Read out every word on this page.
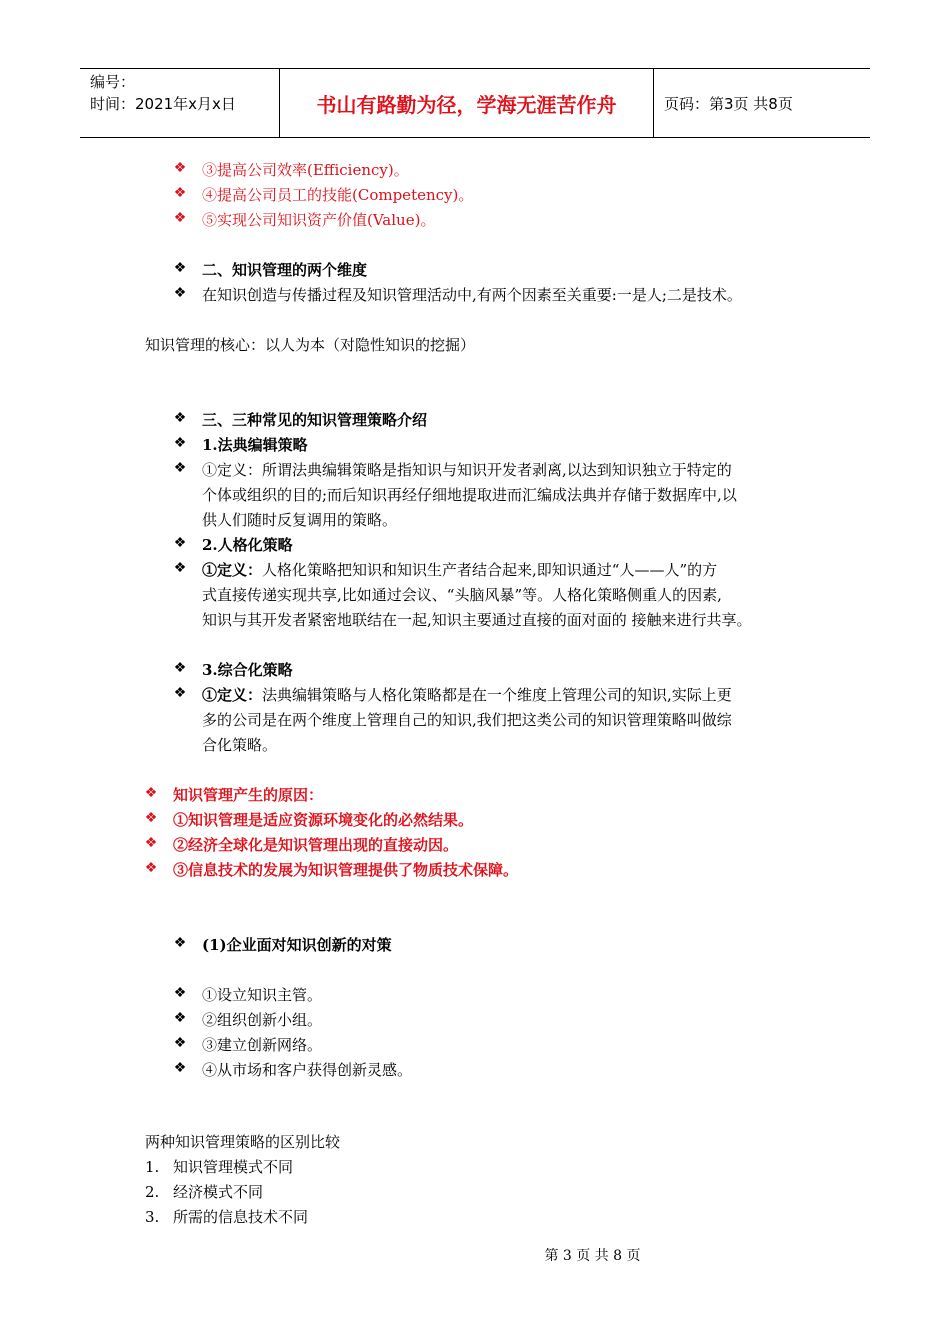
编号：
时间：2021年x月x日	书山有路勤为径，学海无涯苦作舟	页码：第3页 共8页
❖ ③提高公司效率(Efficiency)。
❖ ④提高公司员工的技能(Competency)。
❖ ⑤实现公司知识资产价值(Value)。
❖ 二、知识管理的两个维度
❖ 在知识创造与传播过程及知识管理活动中,有两个因素至关重要:一是人;二是技术。
知识管理的核心：以人为本（对隐性知识的挖掘）
❖ 三、三种常见的知识管理策略介绍
❖ 1.法典编辑策略
❖ ①定义：所谓法典编辑策略是指知识与知识开发者剥离,以达到知识独立于特定的
个体或组织的目的;而后知识再经仔细地提取进而汇编成法典并存储于数据库中,以
供人们随时反复调用的策略。
❖ 2.人格化策略
❖ ①定义：人格化策略把知识和知识生产者结合起来,即知识通过“人——人”的方
式直接传递实现共享,比如通过会议、“头脑风暴”等。人格化策略侧重人的因素,
知识与其开发者紧密地联结在一起,知识主要通过直接的面对面的 接触来进行共享。
❖ 3.综合化策略
❖ ①定义：法典编辑策略与人格化策略都是在一个维度上管理公司的知识,实际上更
多的公司是在两个维度上管理自己的知识,我们把这类公司的知识管理策略叫做综
合化策略。
❖ 知识管理产生的原因：
❖ ①知识管理是适应资源环境变化的必然结果。
❖ ②经济全球化是知识管理出现的直接动因。
❖ ③信息技术的发展为知识管理提供了物质技术保障。
❖ (1)企业面对知识创新的对策
❖ ①设立知识主管。
❖ ②组织创新小组。
❖ ③建立创新网络。
❖ ④从市场和客户获得创新灵感。
两种知识管理策略的区别比较
1. 知识管理模式不同
2. 经济模式不同
3. 所需的信息技术不同
第 3 页 共 8 页
